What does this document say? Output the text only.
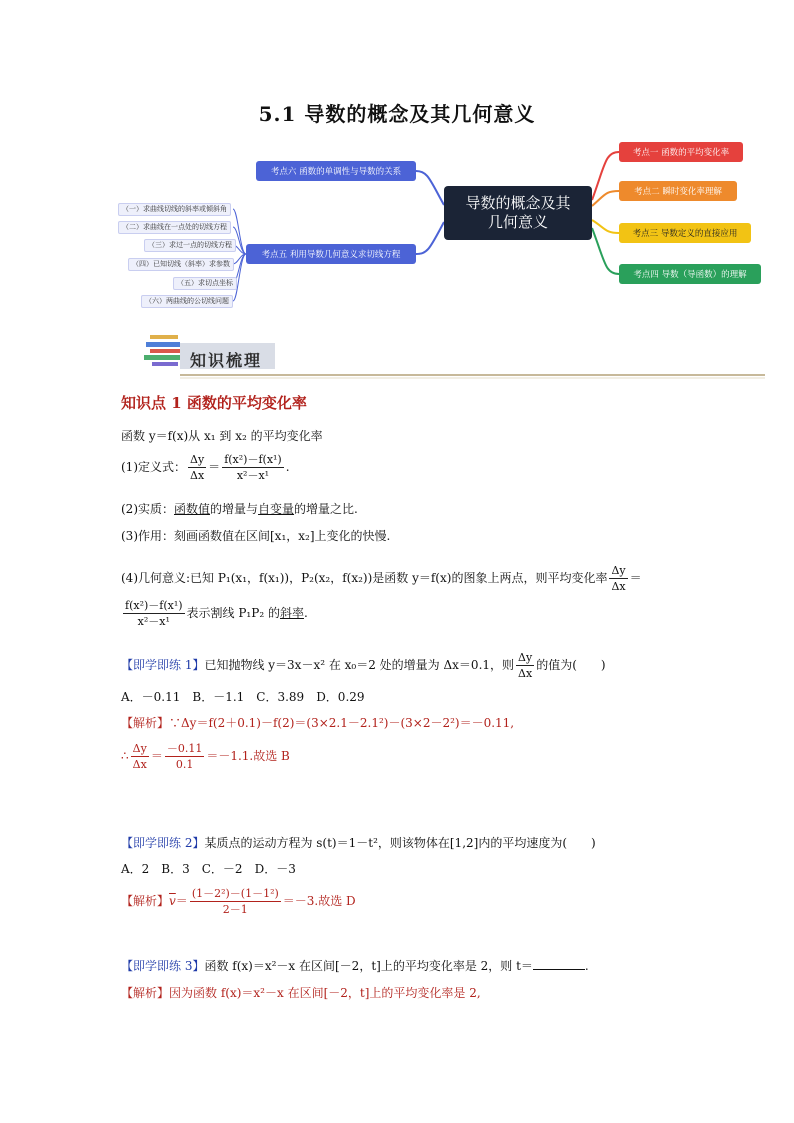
5.1 导数的概念及其几何意义
导数的概念及其
几何意义
考点一 函数的平均变化率
考点二 瞬时变化率理解
考点三 导数定义的直接应用
考点四 导数（导函数）的理解
考点六 函数的单调性与导数的关系
考点五 利用导数几何意义求切线方程
（一）求曲线切线的斜率或倾斜角
（二）求曲线在一点处的切线方程
（三）求过一点的切线方程
（四）已知切线（斜率）求参数
（五）求切点坐标
（六）两曲线的公切线问题
知识梳理
知识点 1 函数的平均变化率
函数 y＝f(x)从 x₁ 到 x₂ 的平均变化率
(1)定义式： $\frac{\Delta y}{\Delta x} = \frac{\text{f(x²)－f(x¹)}}{\text{x²－x¹}}$ .
(2)实质：函数值的增量与自变量的增量之比.
(3)作用：刻画函数值在区间[x₁，x₂]上变化的快慢.
(4)几何意义:已知 P₁(x₁，f(x₁))，P₂(x₂，f(x₂))是函数 y＝f(x)的图象上两点，则平均变化率 $\frac{\Delta y}{\Delta x}$ ＝
$\frac{\text{f(x²)－f(x¹)}}{\text{x²－x¹}}$ 表示割线 P₁P₂ 的斜率.
【即学即练 1】已知抛物线 y＝3x－x² 在 x₀＝2 处的增量为 Δx＝0.1，则 $\frac{\Delta y}{\Delta x}$ 的值为(　　)
A．－0.11　B．－1.1　C．3.89　D．0.29
【解析】∵Δy＝f(2＋0.1)－f(2)＝(3×2.1－2.1²)－(3×2－2²)＝－0.11,
∴ $\frac{\Delta y}{\Delta x} = \frac{-0.11}{0.1} =-1.1$.故选 B
【即学即练 2】某质点的运动方程为 s(t)＝1－t²，则该物体在[1,2]内的平均速度为(　　)
A．2　B．3　C．－2　D．－3
【解析】$\overline{v}= \frac{\text{(1－2²)－(1－1²)}}{2-1} =-3$.故选 D
【即学即练 3】函数 f(x)＝x²－x 在区间[－2，t]上的平均变化率是 2，则 t＝	.
【解析】因为函数 f(x)＝x²－x 在区间[－2，t]上的平均变化率是 2,
